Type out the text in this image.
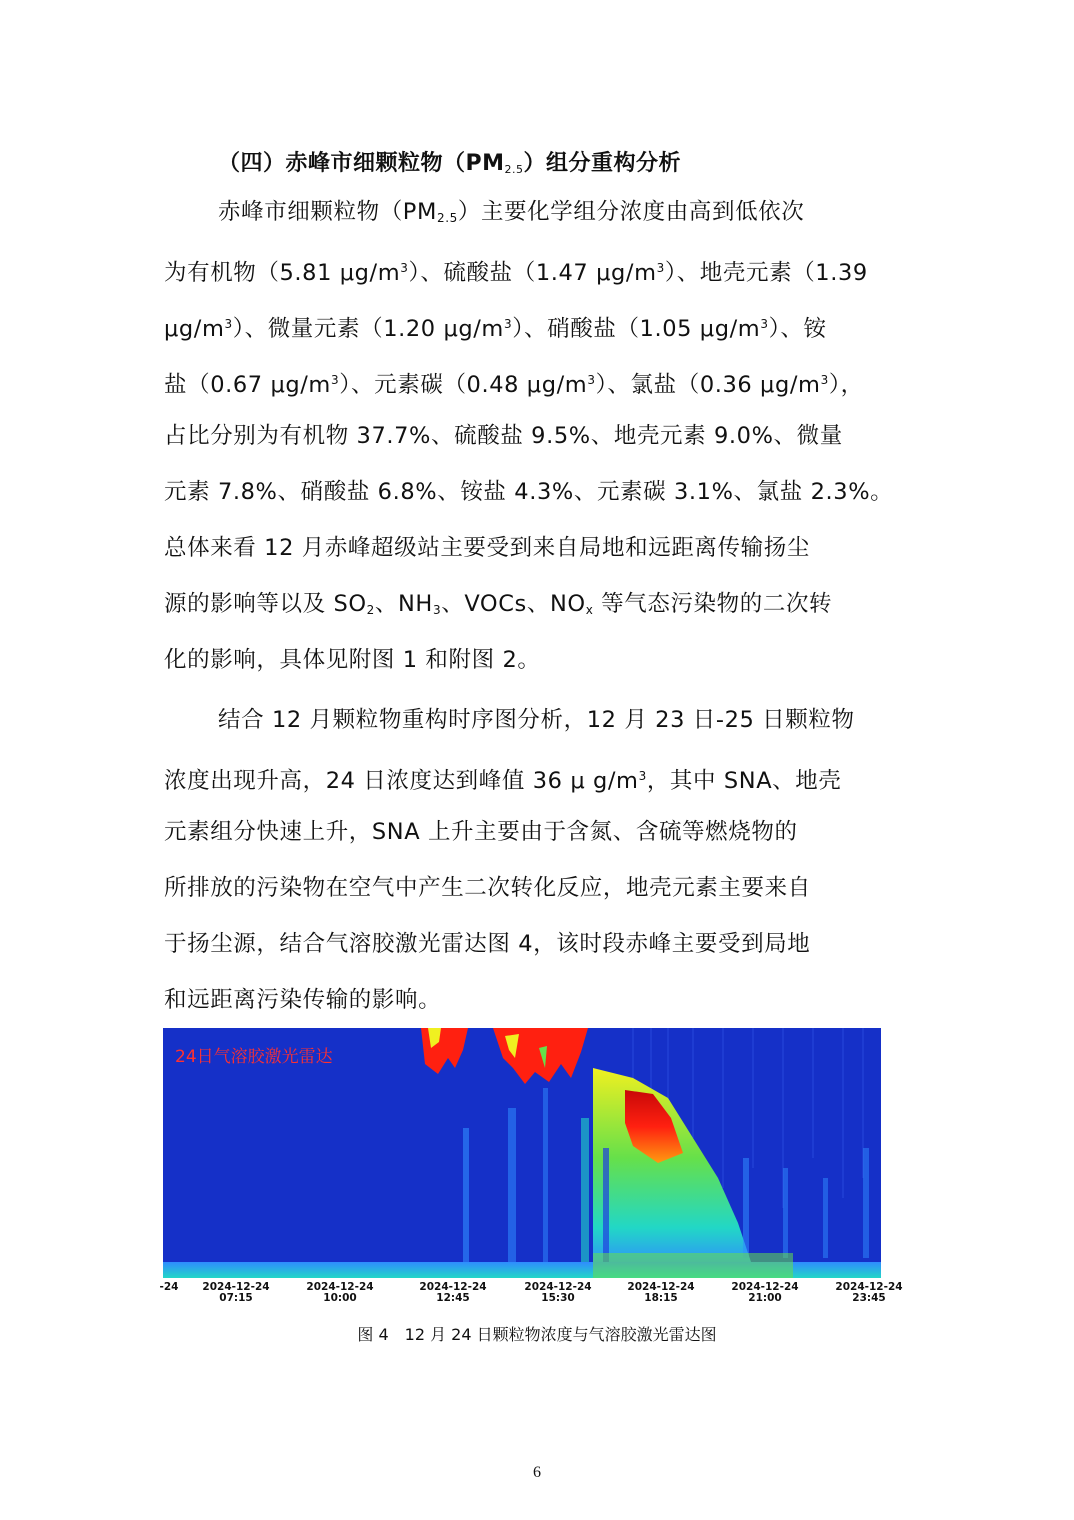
（四）赤峰市细颗粒物（PM2.5）组分重构分析
赤峰市细颗粒物$(PM_{2.5})$主要化学组分浓度由高到低依次
为有机物（5.81 $\mu g/m^3$）、硫酸盐（1.47 $\mu g/m^3$）、地壳元素（1.39
$\mu g/m^3$）、微量元素（1.20 $\mu g/m^3$）、硝酸盐（1.05 $\mu g/m^3$）、铵
盐（0.67 $\mu g/m^3$）、元素碳（0.48 $\mu g/m^3$）、氯盐（0.36 $\mu g/m^3$），
占比分别为有机物 37.7%、硫酸盐 9.5%、地壳元素 9.0%、微量
元素 7.8%、硝酸盐 6.8%、铵盐 4.3%、元素碳 3.1%、氯盐 2.3%。
总体来看 12 月赤峰超级站主要受到来自局地和远距离传输扬尘
源的影响等以及 $SO_2$、$NH_3$、VOCs、$NO_x$ 等气态污染物的二次转
化的影响，具体见附图 1 和附图 2。
结合 12 月颗粒物重构时序图分析，12 月 23 日-25 日颗粒物
浓度出现升高，24 日浓度达到峰值 36 μ $g/m^3$，其中 SNA、地壳
元素组分快速上升，SNA 上升主要由于含氮、含硫等燃烧物的
所排放的污染物在空气中产生二次转化反应，地壳元素主要来自
于扬尘源，结合气溶胶激光雷达图 4，该时段赤峰主要受到局地
和远距离污染传输的影响。
24日气溶胶激光雷达
-24 2024-12-24
07:15
2024-12-24
10:00
2024-12-24
12:45
2024-12-24
15:30
2024-12-24
18:15
2024-12-24
21:00
2024-12-24
23:45
图 4　12 月 24 日颗粒物浓度与气溶胶激光雷达图
6
